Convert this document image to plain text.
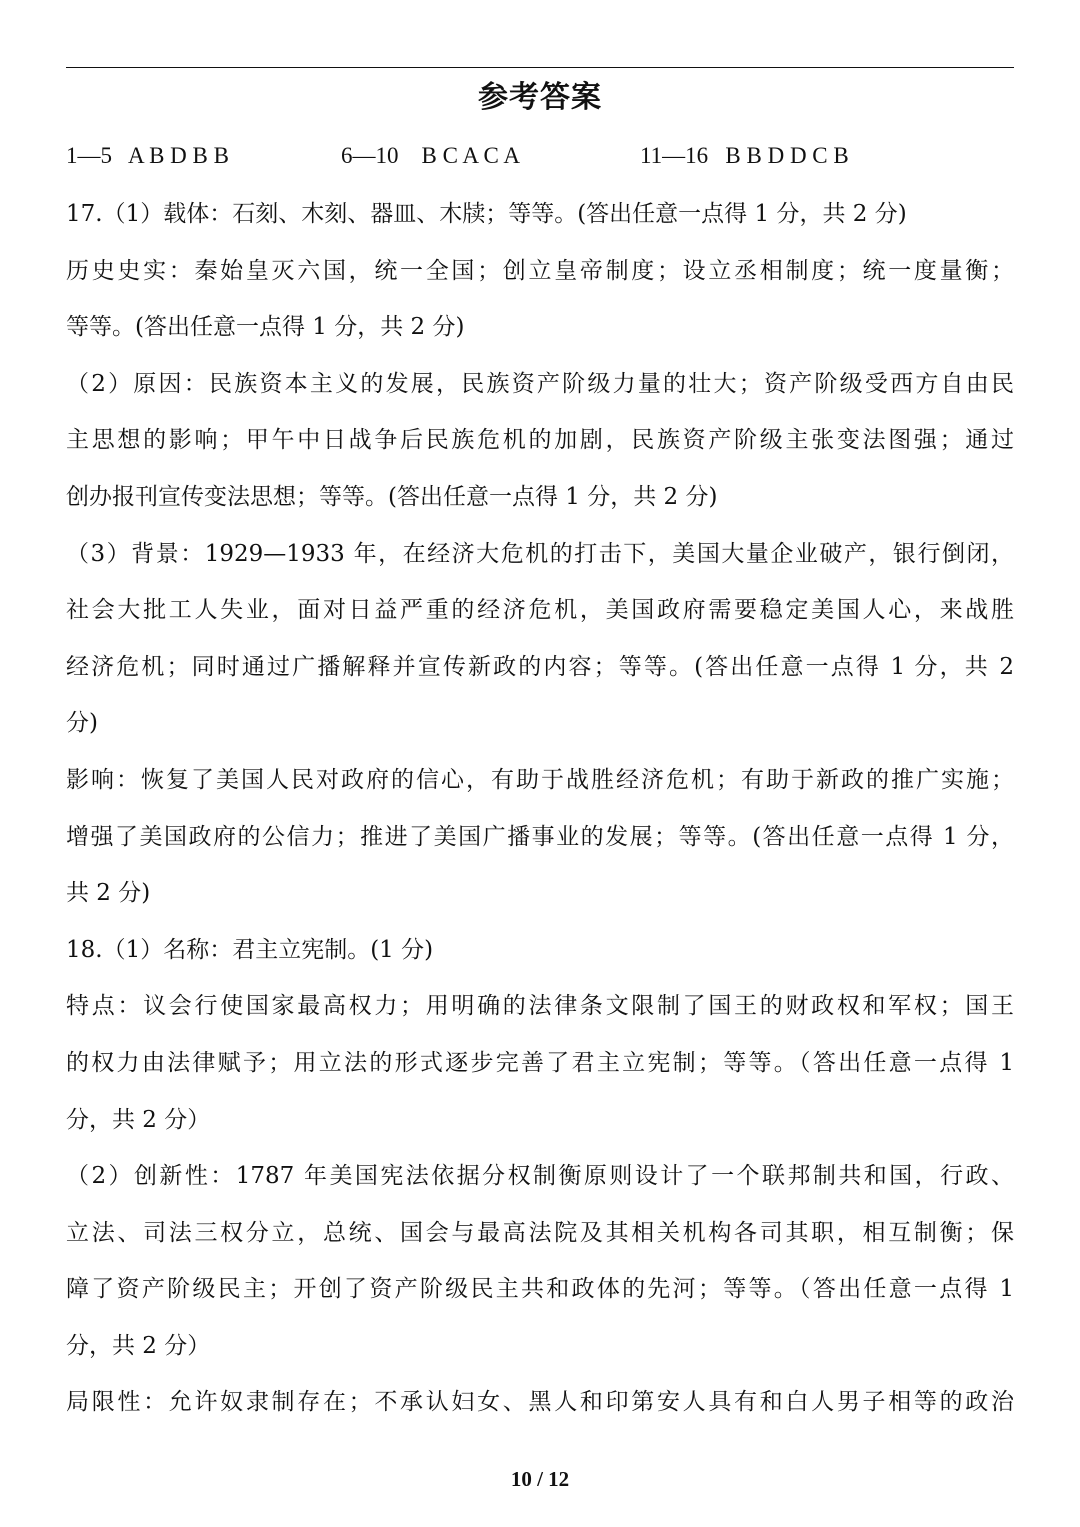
参考答案
1—5 A B D B B	6—10 B C A C A	11—16 B B D D C B
17.（1）载体：石刻、木刻、器皿、木牍；等等。(答出任意一点得 1 分，共 2 分)
历史史实：秦始皇灭六国，统一全国；创立皇帝制度；设立丞相制度；统一度量衡；
等等。(答出任意一点得 1 分，共 2 分)
（2）原因：民族资本主义的发展，民族资产阶级力量的壮大；资产阶级受西方自由民
主思想的影响；甲午中日战争后民族危机的加剧，民族资产阶级主张变法图强；通过
创办报刊宣传变法思想；等等。(答出任意一点得 1 分，共 2 分)
（3）背景：1929—1933 年，在经济大危机的打击下，美国大量企业破产，银行倒闭，
社会大批工人失业，面对日益严重的经济危机，美国政府需要稳定美国人心，来战胜
经济危机；同时通过广播解释并宣传新政的内容；等等。(答出任意一点得 1 分，共 2
分)
影响：恢复了美国人民对政府的信心，有助于战胜经济危机；有助于新政的推广实施；
增强了美国政府的公信力；推进了美国广播事业的发展；等等。(答出任意一点得 1 分，
共 2 分)
18.（1）名称：君主立宪制。(1 分)
特点：议会行使国家最高权力；用明确的法律条文限制了国王的财政权和军权；国王
的权力由法律赋予；用立法的形式逐步完善了君主立宪制；等等。（答出任意一点得 1
分，共 2 分）
（2）创新性：1787 年美国宪法依据分权制衡原则设计了一个联邦制共和国，行政、
立法、司法三权分立，总统、国会与最高法院及其相关机构各司其职，相互制衡；保
障了资产阶级民主；开创了资产阶级民主共和政体的先河；等等。（答出任意一点得 1
分，共 2 分）
局限性：允许奴隶制存在；不承认妇女、黑人和印第安人具有和白人男子相等的政治
10 / 12
